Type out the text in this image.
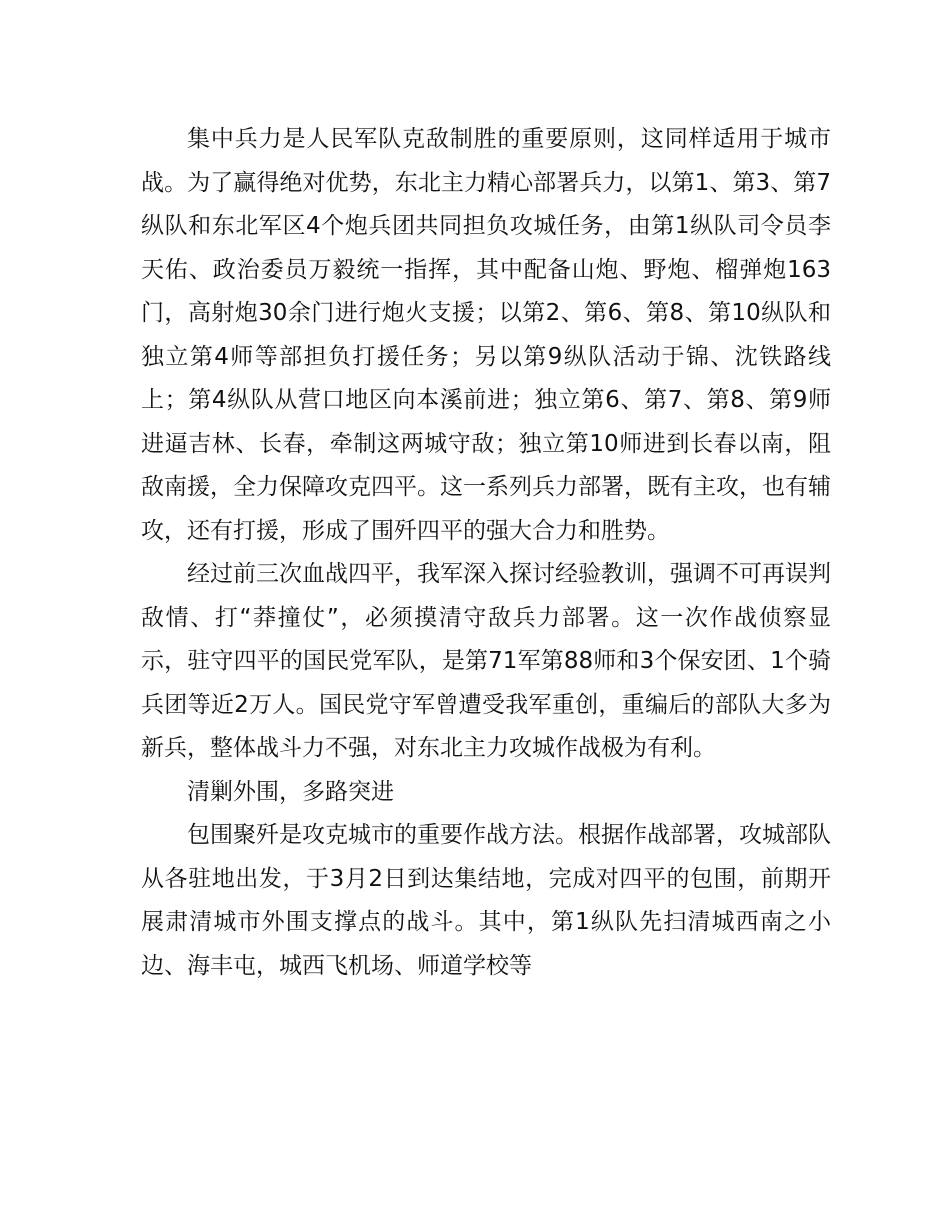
集中兵力是人民军队克敌制胜的重要原则，这同样适用于城市战。为了赢得绝对优势，东北主力精心部署兵力，以第1、第3、第7纵队和东北军区4个炮兵团共同担负攻城任务，由第1纵队司令员李天佑、政治委员万毅统一指挥，其中配备山炮、野炮、榴弹炮163门，高射炮30余门进行炮火支援；以第2、第6、第8、第10纵队和独立第4师等部担负打援任务；另以第9纵队活动于锦、沈铁路线上；第4纵队从营口地区向本溪前进；独立第6、第7、第8、第9师进逼吉林、长春，牵制这两城守敌；独立第10师进到长春以南，阻敌南援，全力保障攻克四平。这一系列兵力部署，既有主攻，也有辅攻，还有打援，形成了围歼四平的强大合力和胜势。

经过前三次血战四平，我军深入探讨经验教训，强调不可再误判敌情、打“莽撞仗”，必须摸清守敌兵力部署。这一次作战侦察显示，驻守四平的国民党军队，是第71军第88师和3个保安团、1个骑兵团等近2万人。国民党守军曾遭受我军重创，重编后的部队大多为新兵，整体战斗力不强，对东北主力攻城作战极为有利。

清剿外围，多路突进

包围聚歼是攻克城市的重要作战方法。根据作战部署，攻城部队从各驻地出发，于3月2日到达集结地，完成对四平的包围，前期开展肃清城市外围支撑点的战斗。其中，第1纵队先扫清城西南之小边、海丰屯，城西飞机场、师道学校等
